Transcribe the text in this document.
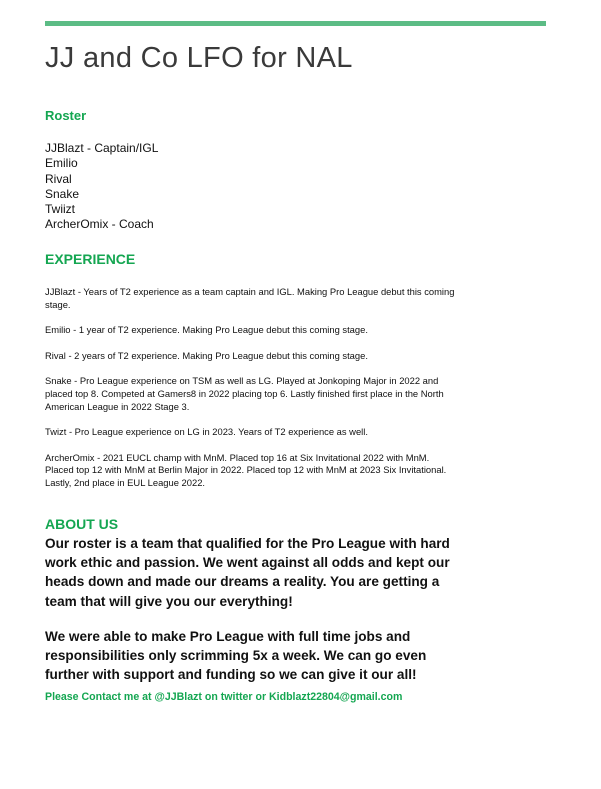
JJ and Co LFO for NAL
Roster
JJBlazt - Captain/IGL
Emilio
Rival
Snake
Twiizt
ArcherOmix - Coach
EXPERIENCE

JJBlazt - Years of T2 experience as a team captain and IGL. Making Pro League debut this coming stage.

Emilio - 1 year of T2 experience. Making Pro League debut this coming stage.

Rival - 2 years of T2 experience. Making Pro League debut this coming stage.

Snake - Pro League experience on TSM as well as LG. Played at Jonkoping Major in 2022 and placed top 8. Competed at Gamers8 in 2022 placing top 6. Lastly finished first place in the North American League in 2022 Stage 3.

Twizt - Pro League experience on LG in 2023. Years of T2 experience as well.

ArcherOmix - 2021 EUCL champ with MnM. Placed top 16 at Six Invitational 2022 with MnM. Placed top 12 with MnM at Berlin Major in 2022. Placed top 12 with MnM at 2023 Six Invitational. Lastly, 2nd place in EUL League 2022.

ABOUT US

Our roster is a team that qualified for the Pro League with hard work ethic and passion. We went against all odds and kept our heads down and made our dreams a reality. You are getting a team that will give you our everything!

We were able to make Pro League with full time jobs and responsibilities only scrimming 5x a week. We can go even further with support and funding so we can give it our all!

Please Contact me at @JJBlazt on twitter or Kidblazt22804@gmail.com
